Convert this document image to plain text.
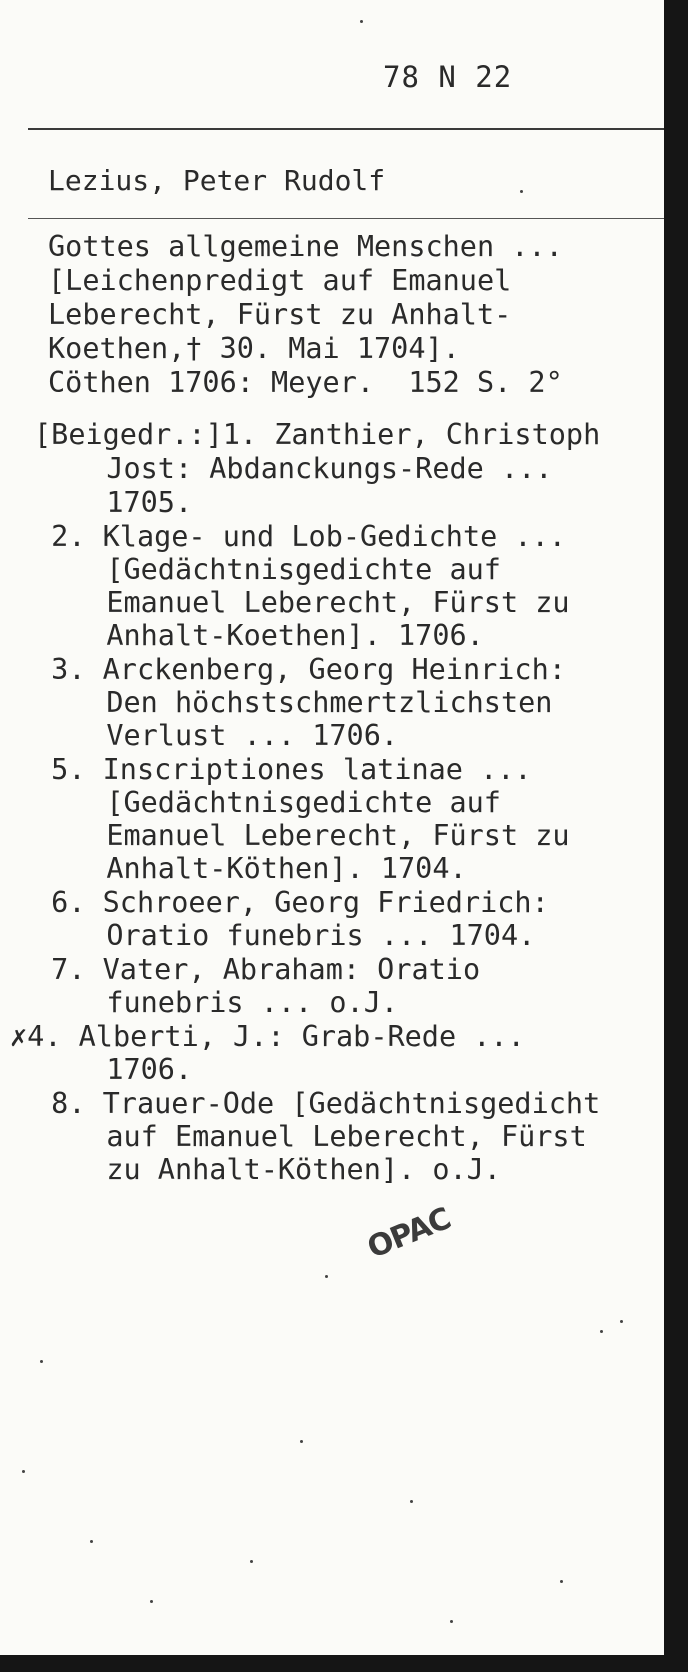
78 N 22
Lezius, Peter Rudolf
Gottes allgemeine Menschen ...
[Leichenpredigt auf Emanuel
Leberecht, Fürst zu Anhalt-
Koethen,† 30. Mai 1704].
Cöthen 1706: Meyer.  152 S. 2°
[Beigedr.:]1. Zanthier, Christoph
Jost: Abdanckungs-Rede ...
1705.
2. Klage- und Lob-Gedichte ...
[Gedächtnisgedichte auf
Emanuel Leberecht, Fürst zu
Anhalt-Koethen]. 1706.
3. Arckenberg, Georg Heinrich:
Den höchstschmertzlichsten
Verlust ... 1706.
5. Inscriptiones latinae ...
[Gedächtnisgedichte auf
Emanuel Leberecht, Fürst zu
Anhalt-Köthen]. 1704.
6. Schroeer, Georg Friedrich:
Oratio funebris ... 1704.
7. Vater, Abraham: Oratio
funebris ... o.J.
✗4. Alberti, J.: Grab-Rede ...
1706.
8. Trauer-Ode [Gedächtnisgedicht
auf Emanuel Leberecht, Fürst
zu Anhalt-Köthen]. o.J.
OPAC
